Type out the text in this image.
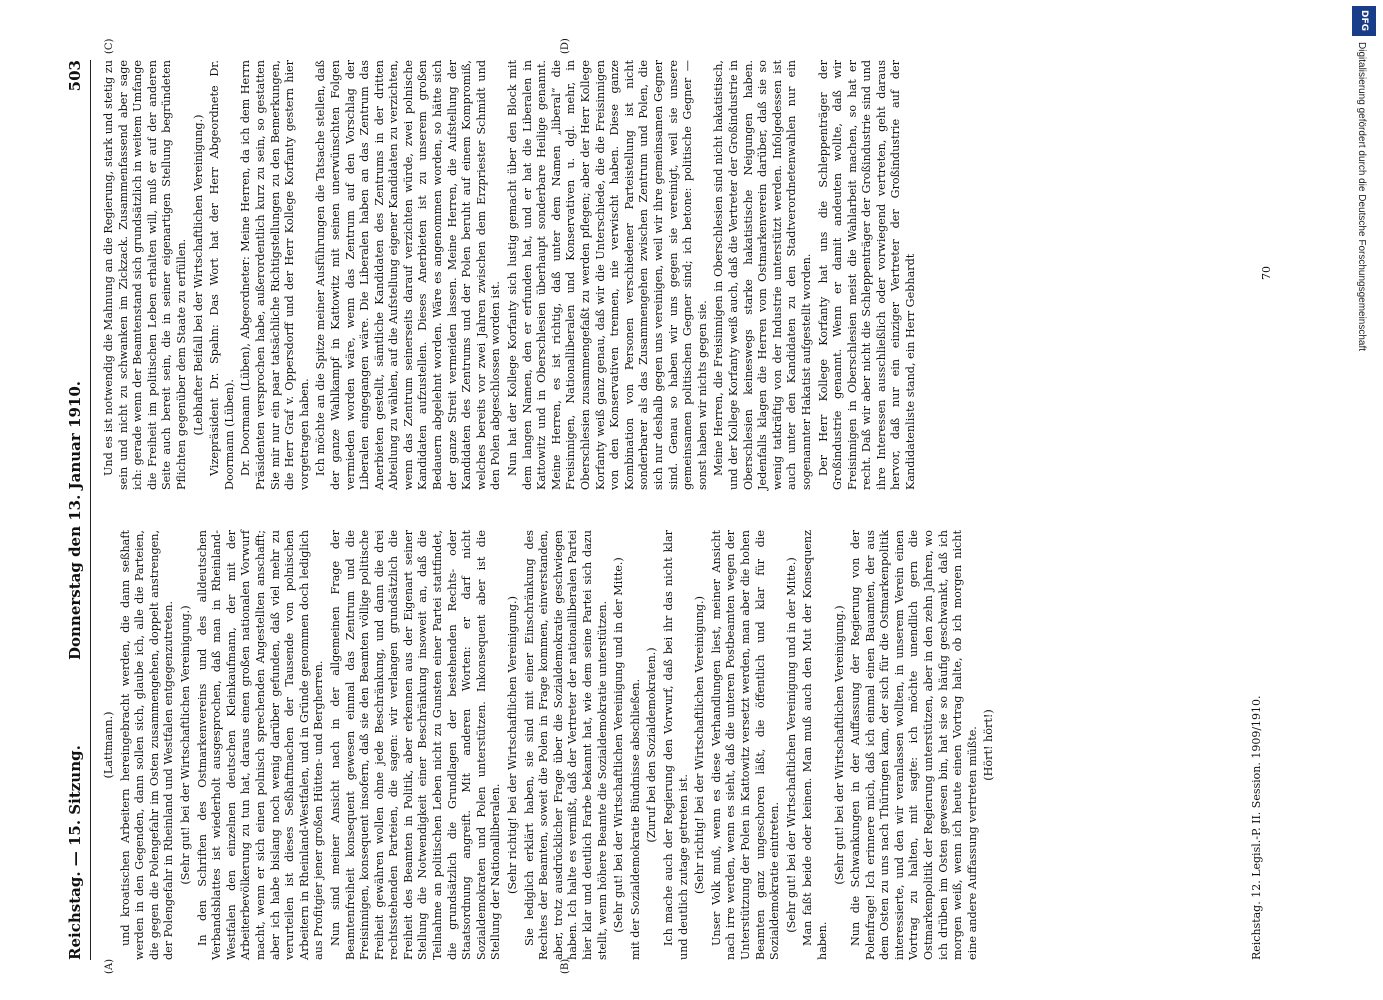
DFG
Digitalisierung gefördert durch die Deutsche Forschungsgemeinschaft
Reichstag. — 15. Sitzung.
Donnerstag den 13. Januar 1910.
503
(A)	(B)
(C)	(D)

(Lattmann.) und kroatischen Arbeitern hereingebracht werden, die dann seßhaft werden in den Gegenden, dann sollen sich, glaube ich, alle die Parteien, die gegen die Polengefahr im Osten zusammengehen, doppelt anstrengen, der Polengefahr in Rheinland und Westfalen entgegenzutreten. (Sehr gut! bei der Wirtschaftlichen Vereinigung.) In den Schriften des Ostmarkenvereins und des alldeutschen Verbandsblattes ist wiederholt ausgesprochen, daß man in Rheinland-Westfalen den einzelnen deutschen Kleinkaufmann, der mit der Arbeiterbevölkerung zu tun hat, daraus einen großen nationalen Vorwurf macht, wenn er sich einen polnisch sprechenden Angestellten anschafft; aber ich habe bislang noch wenig darüber gefunden, daß viel mehr zu verurteilen ist dieses Seßhaftmachen der Tausende von polnischen Arbeitern in Rheinland-Westfalen, und in Gründe genommen doch lediglich aus Profitgier jener großen Hütten- und Bergherren. Nun sind meiner Ansicht nach in der allgemeinen Frage der Beamtenfreiheit konsequent gewesen einmal das Zentrum und die Freisinnigen, konsequent insofern, daß sie den Beamten völlige politische Freiheit gewähren wollen ohne jede Beschränkung, und dann die drei rechtsstehenden Parteien, die sagen: wir verlangen grundsätzlich die Freiheit des Beamten in Politik, aber erkennen aus der Eigenart seiner Stellung die Notwendigkeit einer Beschränkung insoweit an, daß die Teilnahme an politischen Leben nicht zu Gunsten einer Partei stattfindet, die grundsätzlich die Grundlagen der bestehenden Rechts- oder Staatsordnung angreift. Mit anderen Worten: er darf nicht Sozialdemokraten und Polen unterstützen. Inkonsequent aber ist die Stellung der Nationalliberalen. (Sehr richtig! bei der Wirtschaftlichen Vereinigung.) Sie lediglich erklärt haben, sie sind mit einer Einschränkung des Rechtes der Beamten, soweit die Polen in Frage kommen, einverstanden, aber, trotz ausdrücklicher Frage über die Sozialdemokratie geschwiegen haben. Ich halte es vermißt, daß der Vertreter der nationalliberalen Partei hier klar und deutlich Farbe bekannt hat, wie dem seine Partei sich dazu stellt, wenn höhere Beamte die Sozialdemokratie unterstützen. (Sehr gut! bei der Wirtschaftlichen Vereinigung und in der Mitte.) mit der Sozialdemokratie Bündnisse abschließen. (Zuruf bei den Sozialdemokraten.) Ich mache auch der Regierung den Vorwurf, daß bei ihr das nicht klar und deutlich zutage getreten ist. (Sehr richtig! bei der Wirtschaftlichen Vereinigung.) Unser Volk muß, wenn es diese Verhandlungen liest, meiner Ansicht nach irre werden, wenn es sieht, daß die unteren Postbeamten wegen der Unterstützung der Polen in Kattowitz versetzt werden, man aber die hohen Beamten ganz ungeschoren läßt, die öffentlich und klar für die Sozialdemokratie eintreten. (Sehr gut! bei der Wirtschaftlichen Vereinigung und in der Mitte.) Man faßt beide oder keinen. Man muß auch den Mut der Konsequenz haben.

(Sehr gut! bei der Wirtschaftlichen Vereinigung.) Nun die Schwankungen in der Auffassung der Regierung von der Polenfrage! Ich erinnere mich, daß ich einmal einen Bauamten, der aus dem Osten zu uns nach Thüringen kam, der sich für die Ostmarkenpolitik interessierte, und den wir veranlassen wollten, in unserem Verein einen Vortrag zu halten, mit sagte: ich möchte unendlich gern die Ostmarkenpolitik der Regierung unterstützen, aber in den zehn Jahren, wo ich drüben im Osten gewesen bin, hat sie so häufig geschwankt, daß ich morgen weiß, wenn ich heute einen Vortrag halte, ob ich morgen nicht eine andere Auffassung vertreten müßte. (Hört! hört!)

Und es ist notwendig die Mahnung an die Regierung, stark und stetig zu sein und nicht zu schwanken im Zickzack. Zusammenfassend aber sage ich: gerade wenn der Beamtenstand sich grundsätzlich in weitem Umfange die Freiheit im politischen Leben erhalten will, muß er auf der anderen Seite auch bereit sein, die in seiner eigenartigen Stellung begründeten Pflichten gegenüber dem Staate zu erfüllen. (Lebhafter Beifall bei der Wirtschaftlichen Vereinigung.) Vizepräsident Dr. Spahn: Das Wort hat der Herr Abgeordnete Dr. Doormann (Lüben). Dr. Doormann (Lüben), Abgeordneter: Meine Herren, da ich dem Herrn Präsidenten versprochen habe, außerordentlich kurz zu sein, so gestatten Sie mir nur ein paar tatsächliche Richtigstellungen zu den Bemerkungen, die Herr Graf v. Oppersdorff und der Herr Kollege Korfanty gestern hier vorgetragen haben. Ich möchte an die Spitze meiner Ausführungen die Tatsache stellen, daß der ganze Wahlkampf in Kattowitz mit seinen unerwünschten Folgen vermieden worden wäre, wenn das Zentrum auf den Vorschlag der Liberalen eingegangen wäre. Die Liberalen haben an das Zentrum das Anerbieten gestellt, sämtliche Kandidaten des Zentrums in der dritten Abteilung zu wählen, auf die Aufstellung eigener Kandidaten zu verzichten, wenn das Zentrum seinerseits darauf verzichten würde, zwei polnische Kandidaten aufzustellen. Dieses Anerbieten ist zu unserem großen Bedauern abgelehnt worden. Wäre es angenommen worden, so hätte sich der ganze Streit vermeiden lassen. Meine Herren, die Aufstellung der Kandidaten des Zentrums und der Polen beruht auf einem Kompromiß, welches bereits vor zwei Jahren zwischen dem Erzpriester Schmidt und den Polen abgeschlossen worden ist. Nun hat der Kollege Korfanty sich lustig gemacht über den Block mit dem langen Namen, den er erfunden hat, und er hat die Liberalen in Kattowitz und in Oberschlesien überhaupt sonderbare Heilige genannt. Meine Herren, es ist richtig, daß unter dem Namen „liberal“ die Freisinnigen, Nationalliberalen und Konservativen u. dgl. mehr, in Oberschlesien zusammengefaßt zu werden pflegen; aber der Herr Kollege Korfanty weiß ganz genau, daß wir die Unterschiede, die die Freisinnigen von den Konservativen trennen, nie verwischt haben. Diese ganze Kombination von Personen verschiedener Parteistellung ist nicht sonderbarer als das Zusammengehen zwischen Zentrum und Polen, die sich nur deshalb gegen uns vereinigen, weil wir ihre gemeinsamen Gegner sind. Genau so haben wir uns gegen sie vereinigt, weil sie unsere gemeinsamen politischen Gegner sind; ich betone: politische Gegner — sonst haben wir nichts gegen sie. Meine Herren, die Freisinnigen in Oberschlesien sind nicht hakatistisch, und der Kollege Korfanty weiß auch, daß die Vertreter der Großindustrie in Oberschlesien keineswegs starke hakatistische Neigungen haben. Jedenfalls klagen die Herren vom Ostmarkenverein darüber, daß sie so wenig tatkräftig von der Industrie unterstützt werden. Infolgedessen ist auch unter den Kandidaten zu den Stadtverordnetenwahlen nur ein sogenannter Hakatist aufgestellt worden. Der Herr Kollege Korfanty hat uns die Schleppenträger der Großindustrie genannt. Wenn er damit andeuten wollte, daß wir Freisinnigen in Oberschlesien meist die Wahlarbeit machen, so hat er recht. Daß wir aber nicht die Schleppenträger der Großindustrie sind und ihre Interessen ausschließlich oder vorwiegend vertreten, geht daraus hervor, daß nur ein einziger Vertreter der Großindustrie auf der Kandidatenliste stand, ein Herr Gebhardt

Reichstag. 12. Legisl.-P. II. Session. 1909/1910.
70
